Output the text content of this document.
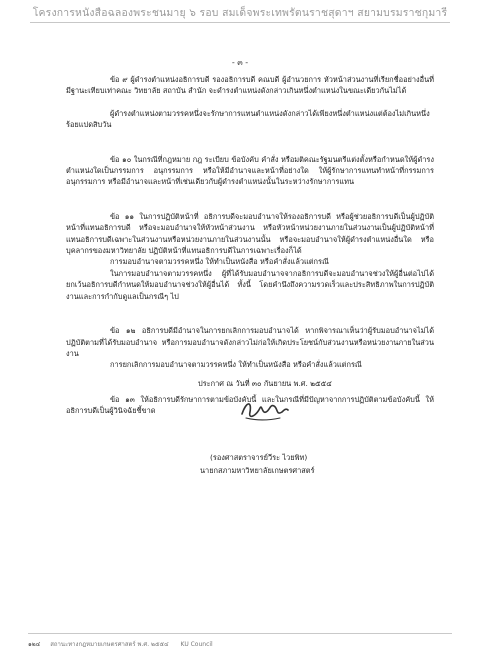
โครงการหนังสือฉลองพระชนมายุ ๖ รอบ สมเด็จพระเทพรัตนราชสุดาฯ สยามบรมราชกุมารี
- ๓ -

ข้อ ๙ ผู้ดำรงตำแหน่งอธิการบดี รองอธิการบดี คณบดี ผู้อำนวยการ หัวหน้าส่วนงานที่เรียกชื่ออย่างอื่นที่มีฐานะเทียบเท่าคณะ วิทยาลัย สถาบัน สำนัก จะดำรงตำแหน่งดังกล่าวเกินหนึ่งตำแหน่งในขณะเดียวกันไม่ได้

ผู้ดำรงตำแหน่งตามวรรคหนึ่งจะรักษาการแทนตำแหน่งดังกล่าวได้เพียงหนึ่งตำแหน่งแต่ต้องไม่เกินหนึ่งร้อยแปดสิบวัน

ข้อ ๑๐ ในกรณีที่กฎหมาย กฎ ระเบียบ ข้อบังคับ คำสั่ง หรือมติคณะรัฐมนตรีแต่งตั้งหรือกำหนดให้ผู้ดำรงตำแหน่งใดเป็นกรรมการ อนุกรรมการ หรือให้มีอำนาจและหน้าที่อย่างใด ให้ผู้รักษาการแทนทำหน้าที่กรรมการ อนุกรรมการ หรือมีอำนาจและหน้าที่เช่นเดียวกับผู้ดำรงตำแหน่งนั้นในระหว่างรักษาการแทน

ข้อ ๑๑ ในการปฏิบัติหน้าที่ อธิการบดีจะมอบอำนาจให้รองอธิการบดี หรือผู้ช่วยอธิการบดีเป็นผู้ปฏิบัติหน้าที่แทนอธิการบดี หรือจะมอบอำนาจให้หัวหน้าส่วนงาน หรือหัวหน้าหน่วยงานภายในส่วนงานเป็นผู้ปฏิบัติหน้าที่แทนอธิการบดีเฉพาะในส่วนงานหรือหน่วยงานภายในส่วนงานนั้น หรือจะมอบอำนาจให้ผู้ดำรงตำแหน่งอื่นใด หรือบุคลากรของมหาวิทยาลัย ปฏิบัติหน้าที่แทนอธิการบดีในการเฉพาะเรื่องก็ได้

การมอบอำนาจตามวรรคหนึ่ง ให้ทำเป็นหนังสือ หรือคำสั่งแล้วแต่กรณี

ในการมอบอำนาจตามวรรคหนึ่ง ผู้ที่ได้รับมอบอำนาจจากอธิการบดีจะมอบอำนาจช่วงให้ผู้อื่นต่อไปได้ ยกเว้นอธิการบดีกำหนดให้มอบอำนาจช่วงให้ผู้อื่นได้ ทั้งนี้ โดยคำนึงถึงความรวดเร็วและประสิทธิภาพในการปฏิบัติงานและการกำกับดูแลเป็นกรณีๆ ไป

ข้อ ๑๒ อธิการบดีมีอำนาจในการยกเลิกการมอบอำนาจได้ หากพิจารณาเห็นว่าผู้รับมอบอำนาจไม่ได้ปฏิบัติตามที่ได้รับมอบอำนาจ หรือการมอบอำนาจดังกล่าวไม่ก่อให้เกิดประโยชน์กับส่วนงานหรือหน่วยงานภายในส่วนงาน

การยกเลิกการมอบอำนาจตามวรรคหนึ่ง ให้ทำเป็นหนังสือ หรือคำสั่งแล้วแต่กรณี

ข้อ ๑๓ ให้อธิการบดีรักษาการตามข้อบังคับนี้ และในกรณีที่มีปัญหาจากการปฏิบัติตามข้อบังคับนี้ ให้อธิการบดีเป็นผู้วินิจฉัยชี้ขาด

ประกาศ ณ วันที่ ๓๐ กันยายน พ.ศ. ๒๕๕๔
(รองศาสตราจารย์วีระ ไวยพิท)
นายกสภามหาวิทยาลัยเกษตรศาสตร์
๑๒๔ สถานะทางกฎหมายเกษตรศาสตร์ พ.ศ. ๒๕๕๔ KU Council
